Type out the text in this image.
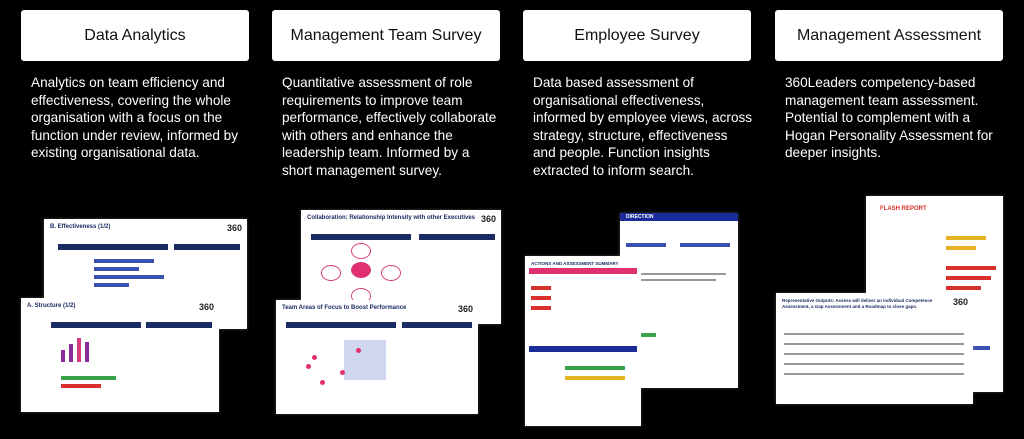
Data Analytics
Analytics on team efficiency and effectiveness, covering the whole organisation with a focus on the function under review, informed by existing organisational data.
B. Effectiveness (1/2)	360
A. Structure (1/2)	360
Management Team Survey
Quantitative assessment of role requirements to improve team performance, effectively collaborate with others and enhance the leadership team. Informed by a short management survey.
Collaboration: Relationship Intensity with other Executives 360
Team Areas of Focus to Boost Performance	360
Employee Survey
Data based assessment of organisational effectiveness, informed by employee views, across strategy, structure, effectiveness and people. Function insights extracted to inform search.
DIRECTION
ACTIONS AND ASSESSMENT SUMMARY
Management Assessment
360Leaders competency-based management team assessment. Potential to complement with a Hogan Personality Assessment for deeper insights.
FLASH REPORT
Representative Outputs: Assess will deliver an individual Competence Assessment, a Gap Assessment and a Roadmap to close gaps.	360
